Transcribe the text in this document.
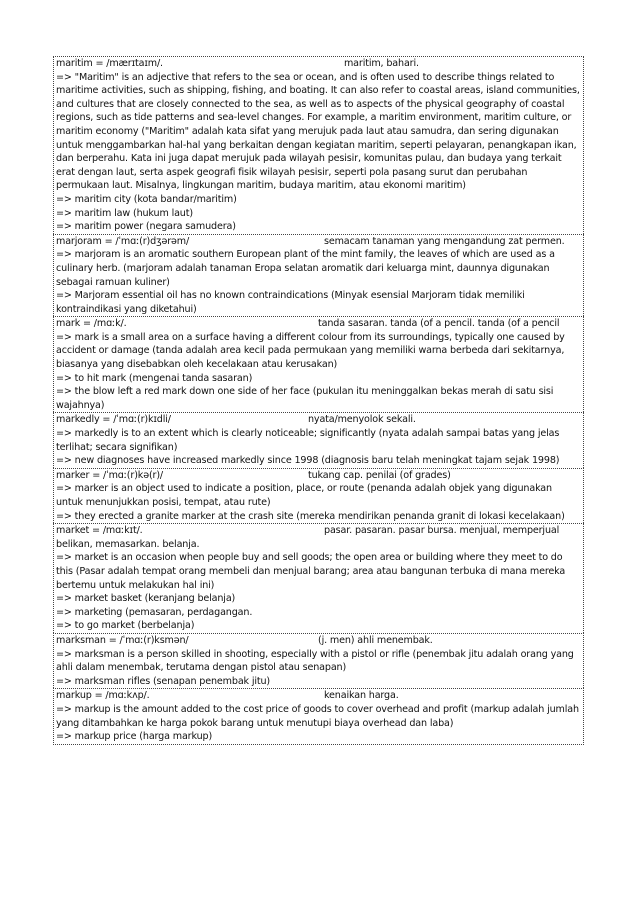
maritim = /mærɪtaɪm/.	maritim, bahari.
=> "Maritim" is an adjective that refers to the sea or ocean, and is often used to describe things related to maritime activities, such as shipping, fishing, and boating. It can also refer to coastal areas, island communities, and cultures that are closely connected to the sea, as well as to aspects of the physical geography of coastal regions, such as tide patterns and sea-level changes. For example, a maritim environment, maritim culture, or maritim economy ("Maritim" adalah kata sifat yang merujuk pada laut atau samudra, dan sering digunakan untuk menggambarkan hal-hal yang berkaitan dengan kegiatan maritim, seperti pelayaran, penangkapan ikan, dan berperahu. Kata ini juga dapat merujuk pada wilayah pesisir, komunitas pulau, dan budaya yang terkait erat dengan laut, serta aspek geografi fisik wilayah pesisir, seperti pola pasang surut dan perubahan permukaan laut. Misalnya, lingkungan maritim, budaya maritim, atau ekonomi maritim)
=> maritim city (kota bandar/maritim)
=> maritim law (hukum laut)
=> maritim power (negara samudera)
marjoram = /ˈmɑː(r)dʒərəm/	semacam tanaman yang mengandung zat permen.
=> marjoram is an aromatic southern European plant of the mint family, the leaves of which are used as a culinary herb. (marjoram adalah tanaman Eropa selatan aromatik dari keluarga mint, daunnya digunakan sebagai ramuan kuliner)
=> Marjoram essential oil has no known contraindications (Minyak esensial Marjoram tidak memiliki kontraindikasi yang diketahui)
mark = /mɑːk/.	tanda sasaran. tanda (of a pencil. tanda (of a pencil
=> mark is a small area on a surface having a different colour from its surroundings, typically one caused by accident or damage (tanda adalah area kecil pada permukaan yang memiliki warna berbeda dari sekitarnya, biasanya yang disebabkan oleh kecelakaan atau kerusakan)
=> to hit mark (mengenai tanda sasaran)
=> the blow left a red mark down one side of her face (pukulan itu meninggalkan bekas merah di satu sisi wajahnya)
markedly = /ˈmɑː(r)kɪdli/	nyata/menyolok sekali.
=> markedly is to an extent which is clearly noticeable; significantly (nyata adalah sampai batas yang jelas terlihat; secara signifikan)
=> new diagnoses have increased markedly since 1998 (diagnosis baru telah meningkat tajam sejak 1998)
marker = /ˈmɑː(r)kə(r)/	tukang cap. penilai (of grades)
=> marker is an object used to indicate a position, place, or route (penanda adalah objek yang digunakan untuk menunjukkan posisi, tempat, atau rute)
=> they erected a granite marker at the crash site (mereka mendirikan penanda granit di lokasi kecelakaan)
market = /mɑːkɪt/.	pasar. pasaran. pasar bursa. menjual, memperjual belikan, memasarkan. belanja.
=> market is an occasion when people buy and sell goods; the open area or building where they meet to do this (Pasar adalah tempat orang membeli dan menjual barang; area atau bangunan terbuka di mana mereka bertemu untuk melakukan hal ini)
=> market basket (keranjang belanja)
=> marketing (pemasaran, perdagangan.
=> to go market (berbelanja)
marksman = /ˈmɑː(r)ksmən/	(j. men) ahli menembak.
=> marksman is a person skilled in shooting, especially with a pistol or rifle (penembak jitu adalah orang yang ahli dalam menembak, terutama dengan pistol atau senapan)
=> marksman rifles (senapan penembak jitu)
markup = /mɑːkʌp/.	kenaikan harga.
=> markup is the amount added to the cost price of goods to cover overhead and profit (markup adalah jumlah yang ditambahkan ke harga pokok barang untuk menutupi biaya overhead dan laba)
=> markup price (harga markup)
